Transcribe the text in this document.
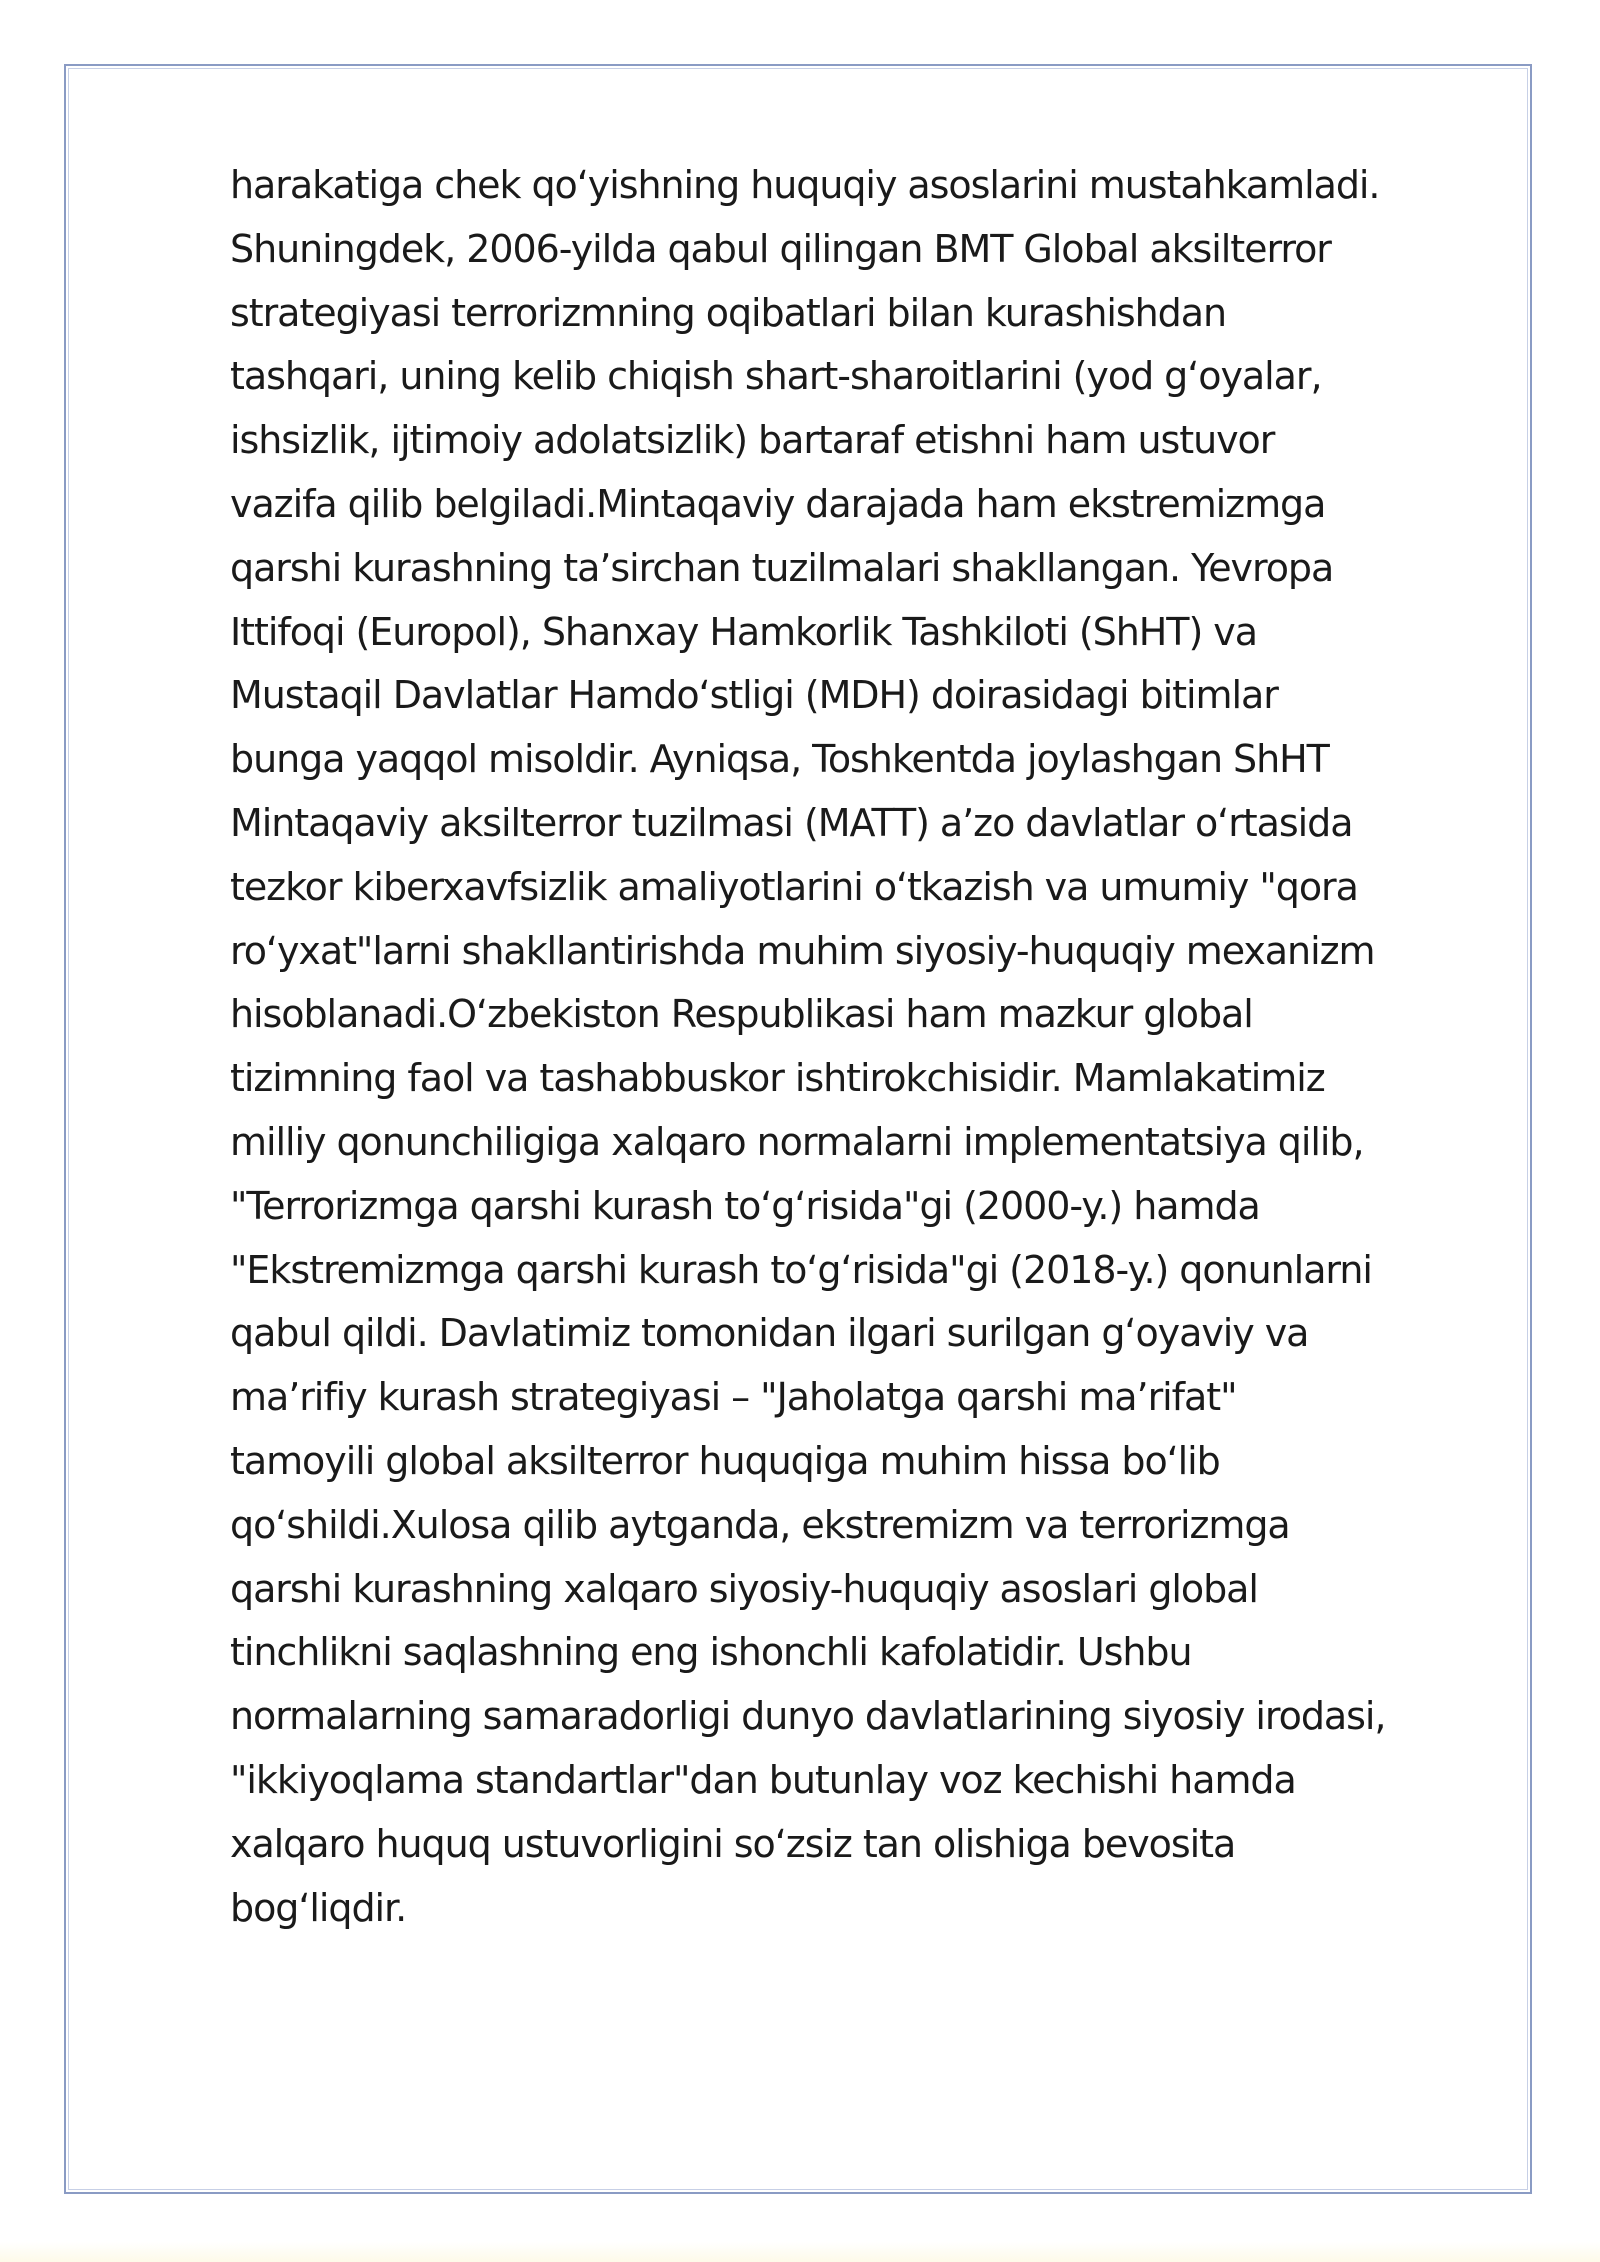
harakatiga chek qo‘yishning huquqiy asoslarini mustahkamladi.
Shuningdek, 2006-yilda qabul qilingan BMT Global aksilterror
strategiyasi terrorizmning oqibatlari bilan kurashishdan
tashqari, uning kelib chiqish shart-sharoitlarini (yod g‘oyalar,
ishsizlik, ijtimoiy adolatsizlik) bartaraf etishni ham ustuvor
vazifa qilib belgiladi.Mintaqaviy darajada ham ekstremizmga
qarshi kurashning ta’sirchan tuzilmalari shakllangan. Yevropa
Ittifoqi (Europol), Shanxay Hamkorlik Tashkiloti (ShHT) va
Mustaqil Davlatlar Hamdo‘stligi (MDH) doirasidagi bitimlar
bunga yaqqol misoldir. Ayniqsa, Toshkentda joylashgan ShHT
Mintaqaviy aksilterror tuzilmasi (MATT) a’zo davlatlar o‘rtasida
tezkor kiberxavfsizlik amaliyotlarini o‘tkazish va umumiy "qora
ro‘yxat"larni shakllantirishda muhim siyosiy-huquqiy mexanizm
hisoblanadi.O‘zbekiston Respublikasi ham mazkur global
tizimning faol va tashabbuskor ishtirokchisidir. Mamlakatimiz
milliy qonunchiligiga xalqaro normalarni implementatsiya qilib,
"Terrorizmga qarshi kurash to‘g‘risida"gi (2000-y.) hamda
"Ekstremizmga qarshi kurash to‘g‘risida"gi (2018-y.) qonunlarni
qabul qildi. Davlatimiz tomonidan ilgari surilgan g‘oyaviy va
ma’rifiy kurash strategiyasi – "Jaholatga qarshi ma’rifat"
tamoyili global aksilterror huquqiga muhim hissa bo‘lib
qo‘shildi.Xulosa qilib aytganda, ekstremizm va terrorizmga
qarshi kurashning xalqaro siyosiy-huquqiy asoslari global
tinchlikni saqlashning eng ishonchli kafolatidir. Ushbu
normalarning samaradorligi dunyo davlatlarining siyosiy irodasi,
"ikkiyoqlama standartlar"dan butunlay voz kechishi hamda
xalqaro huquq ustuvorligini so‘zsiz tan olishiga bevosita
bog‘liqdir.
